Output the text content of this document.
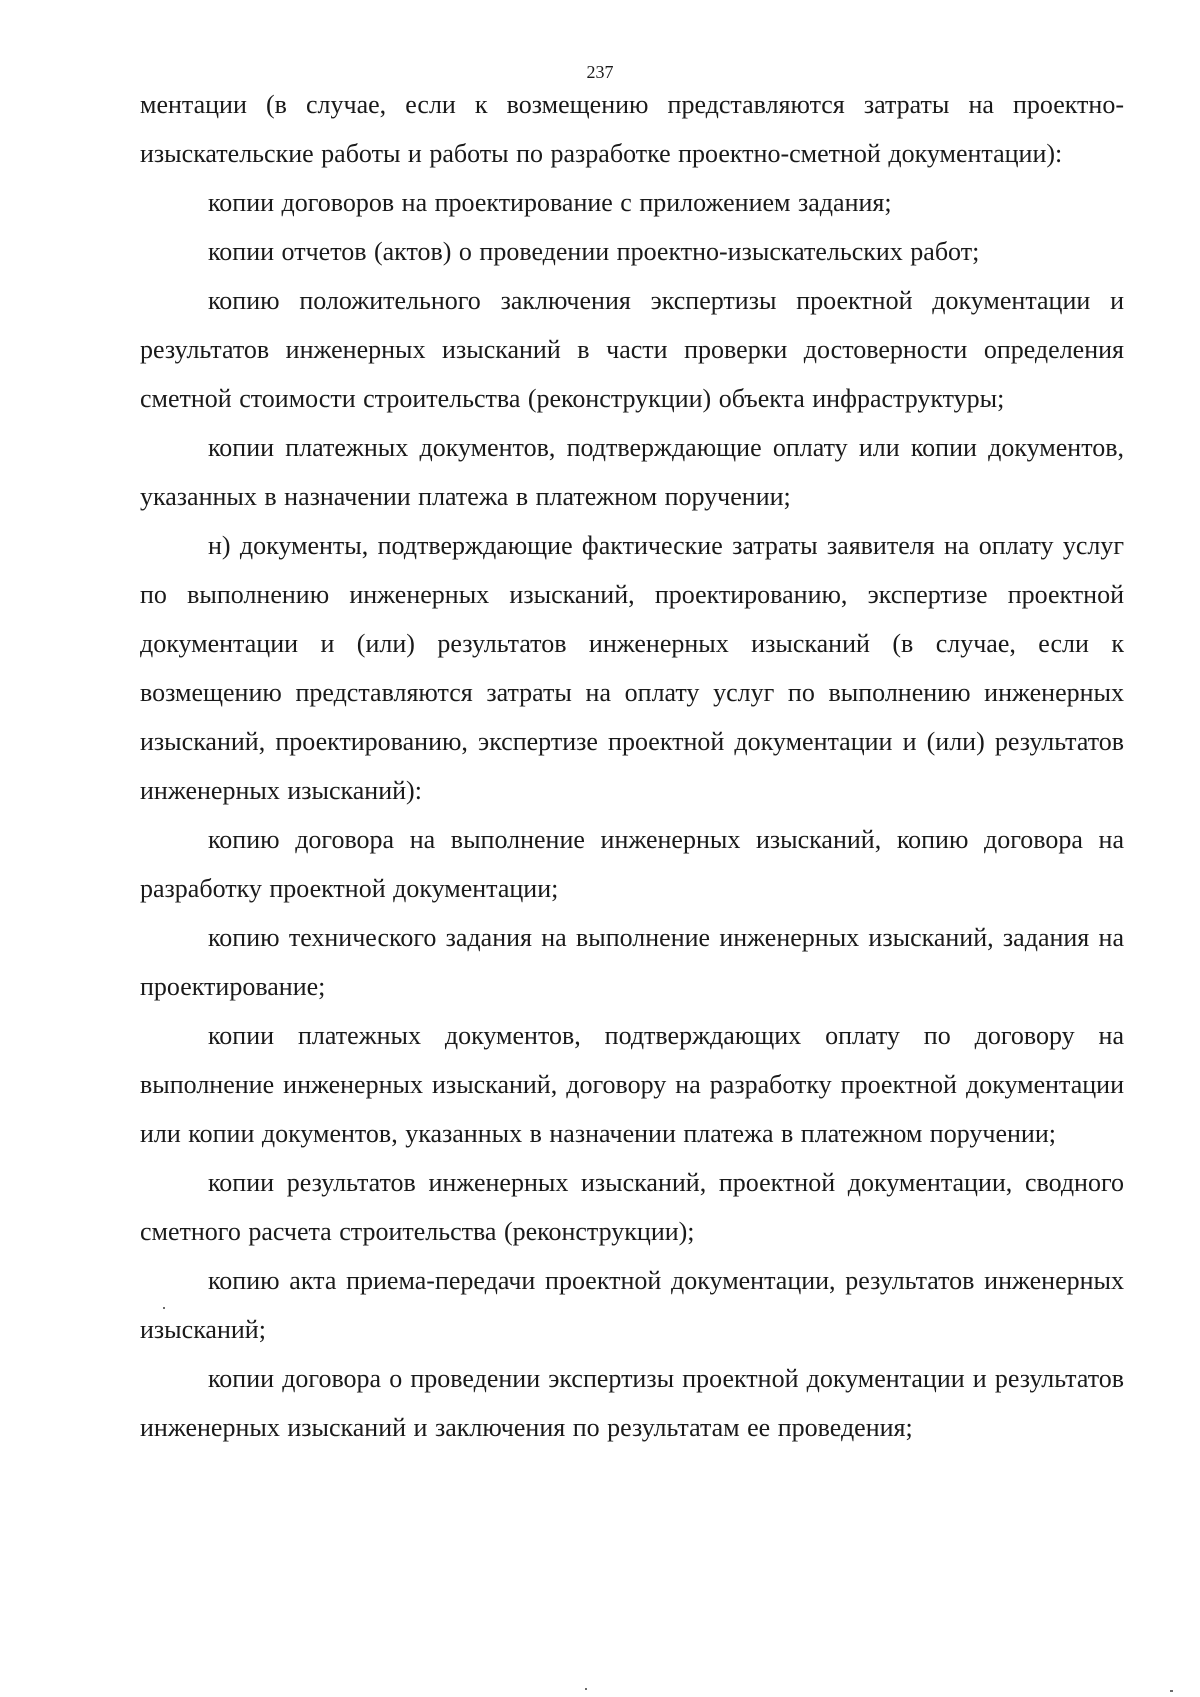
237

ментации (в случае, если к возмещению представляются затраты на проектно-изыскательские работы и работы по разработке проектно-сметной документации):

копии договоров на проектирование с приложением задания;

копии отчетов (актов) о проведении проектно-изыскательских работ;

копию положительного заключения экспертизы проектной документации и результатов инженерных изысканий в части проверки достоверности определения сметной стоимости строительства (реконструкции) объекта инфраструктуры;

копии платежных документов, подтверждающие оплату или копии документов, указанных в назначении платежа в платежном поручении;

н) документы, подтверждающие фактические затраты заявителя на оплату услуг по выполнению инженерных изысканий, проектированию, экспертизе проектной документации и (или) результатов инженерных изысканий (в случае, если к возмещению представляются затраты на оплату услуг по выполнению инженерных изысканий, проектированию, экспертизе проектной документации и (или) результатов инженерных изысканий):

копию договора на выполнение инженерных изысканий, копию договора на разработку проектной документации;

копию технического задания на выполнение инженерных изысканий, задания на проектирование;

копии платежных документов, подтверждающих оплату по договору на выполнение инженерных изысканий, договору на разработку проектной документации или копии документов, указанных в назначении платежа в платежном поручении;

копии результатов инженерных изысканий, проектной документации, сводного сметного расчета строительства (реконструкции);

копию акта приема-передачи проектной документации, результатов инженерных изысканий;

копии договора о проведении экспертизы проектной документации и результатов инженерных изысканий и заключения по результатам ее проведения;
